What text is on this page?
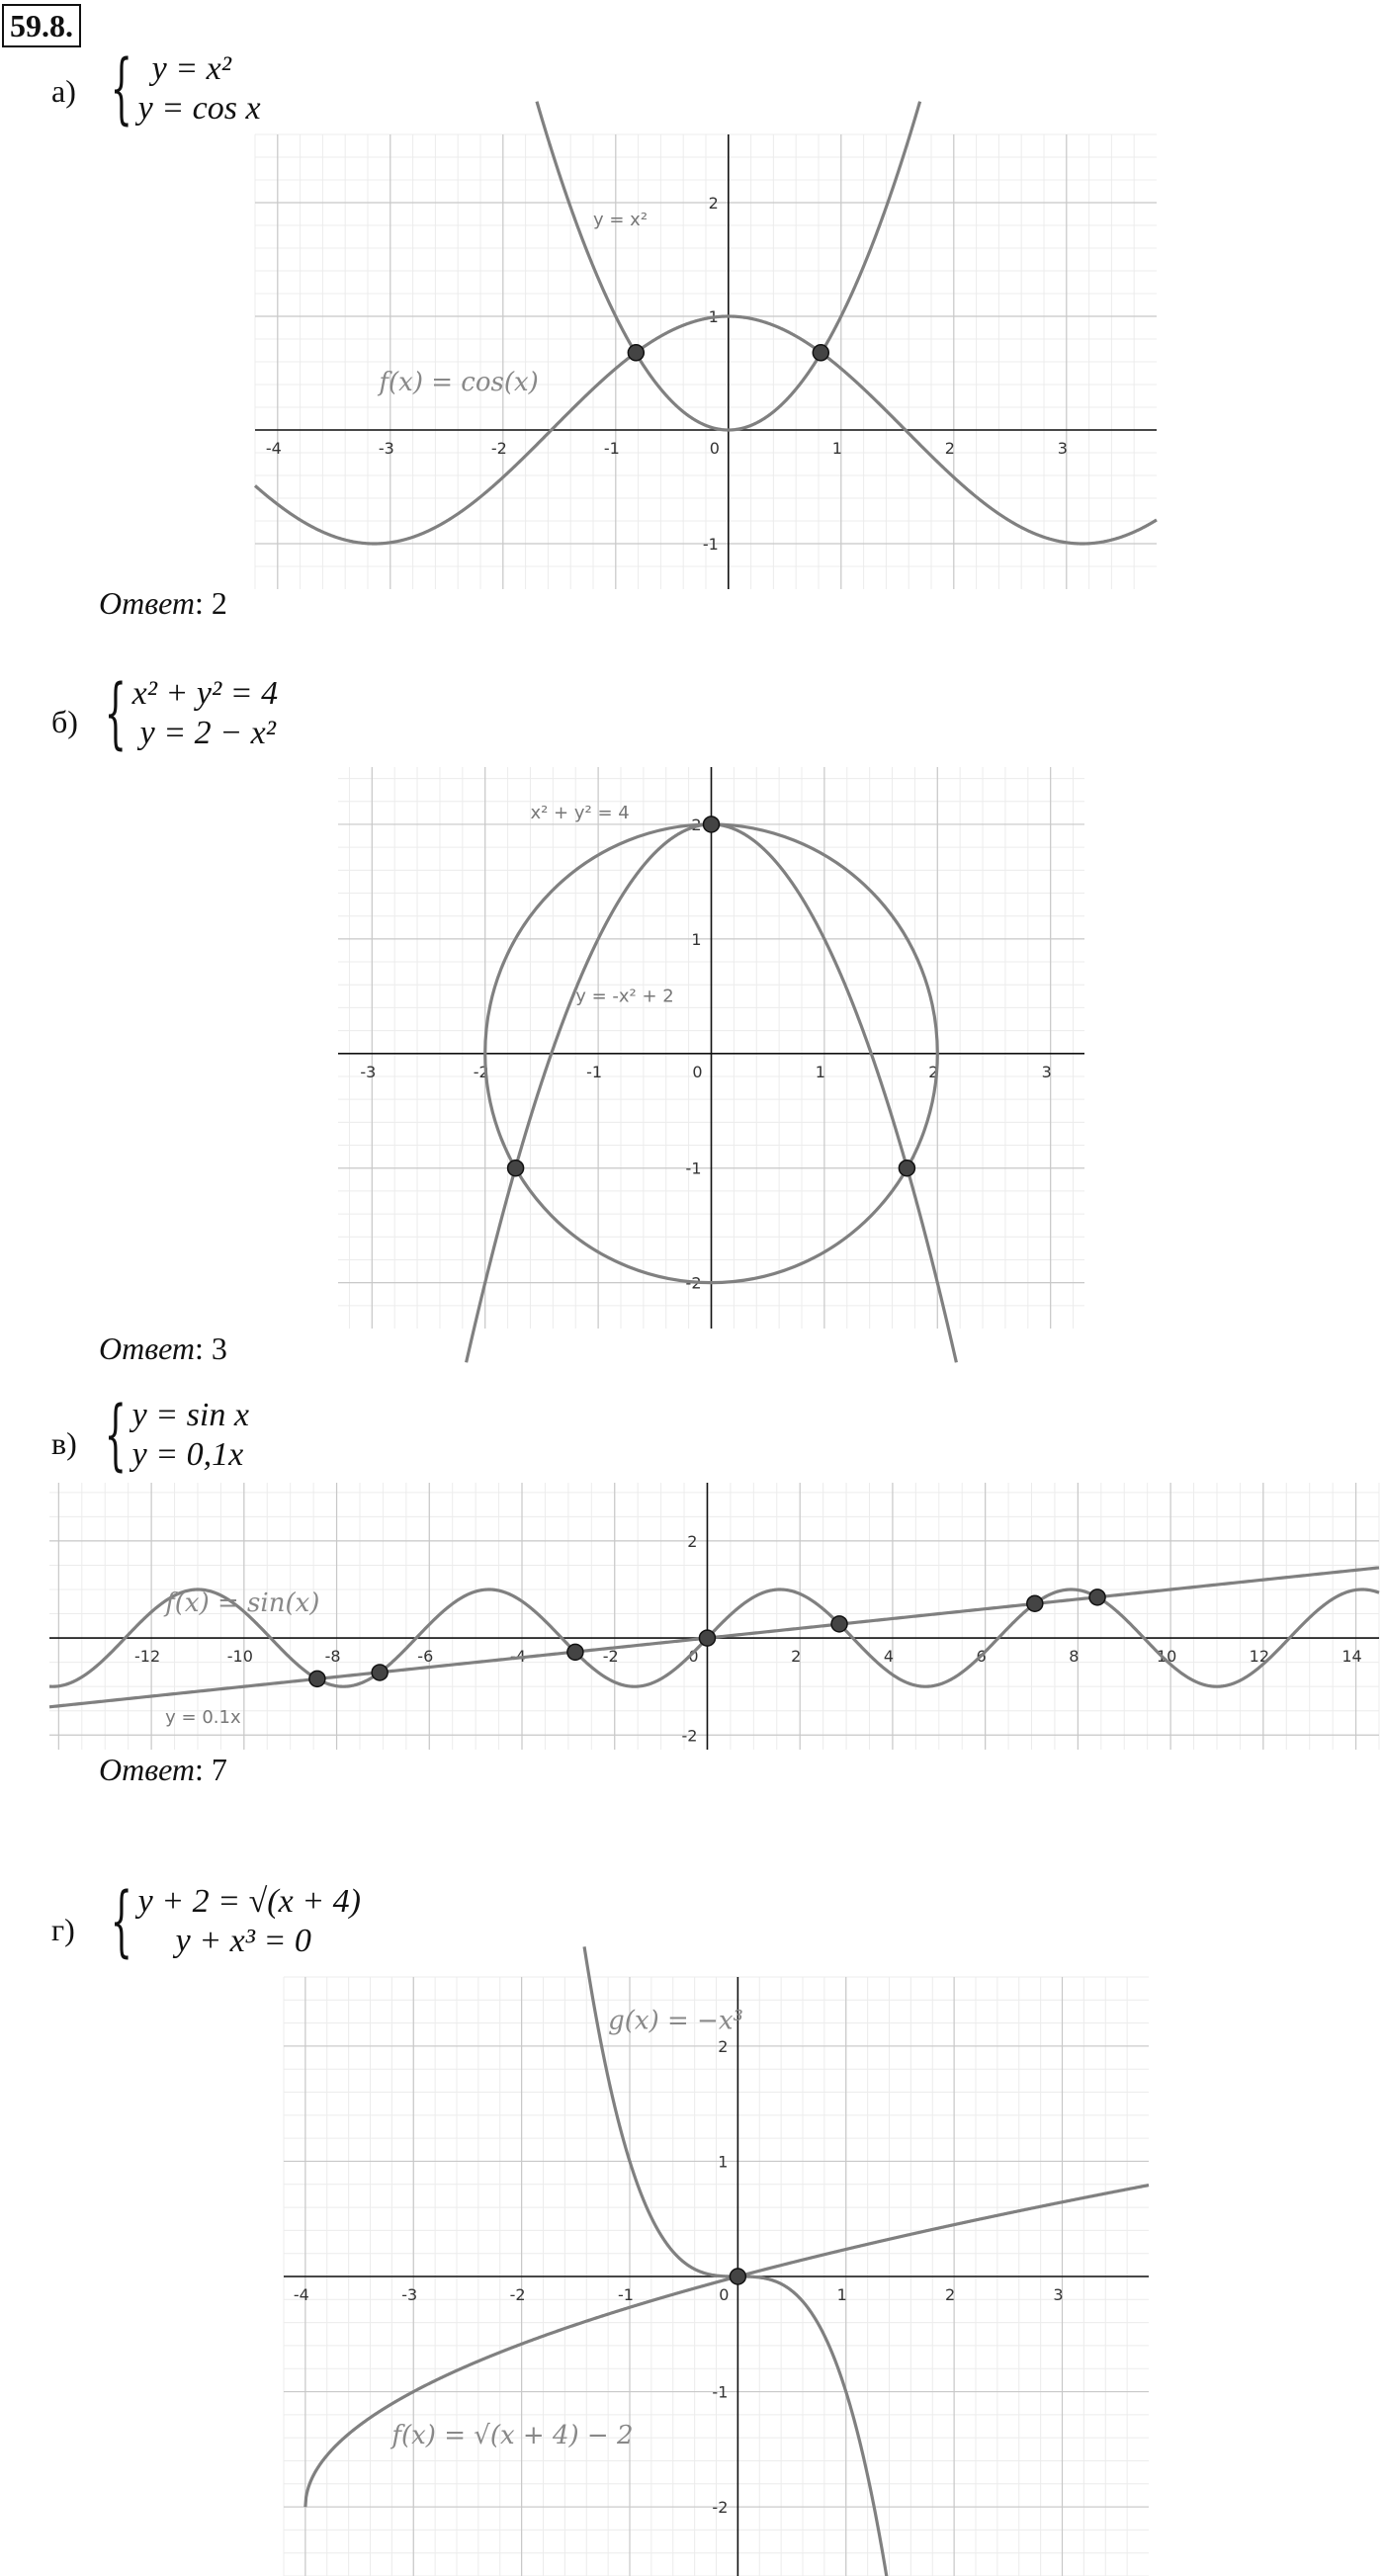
59.8.
а) { y = x²
y = cos x
-4	-3	-2	-1	0	1	2	3
-1
1
2
y = x²
f(x) = cos(x)
Ответ: 2
б) { x² + y² = 4
y = 2 − x²
-3	-2	-1	0	1	2	3
-2
-1
1
2
x² + y² = 4
y = -x² + 2
Ответ: 3
в) { y = sin x
y = 0,1x
-12	-10	-8	-6	-4	-2	0	2	4	6	8	10	12	14
-2
2
f(x) = sin(x)
y = 0.1x
Ответ: 7
г) { y + 2 = √(x + 4)
y + x³ = 0
-4	-3	-2	-1	0	1	2	3
-2
-1
1
2
g(x) = −x³
f(x) = √(x + 4) − 2
